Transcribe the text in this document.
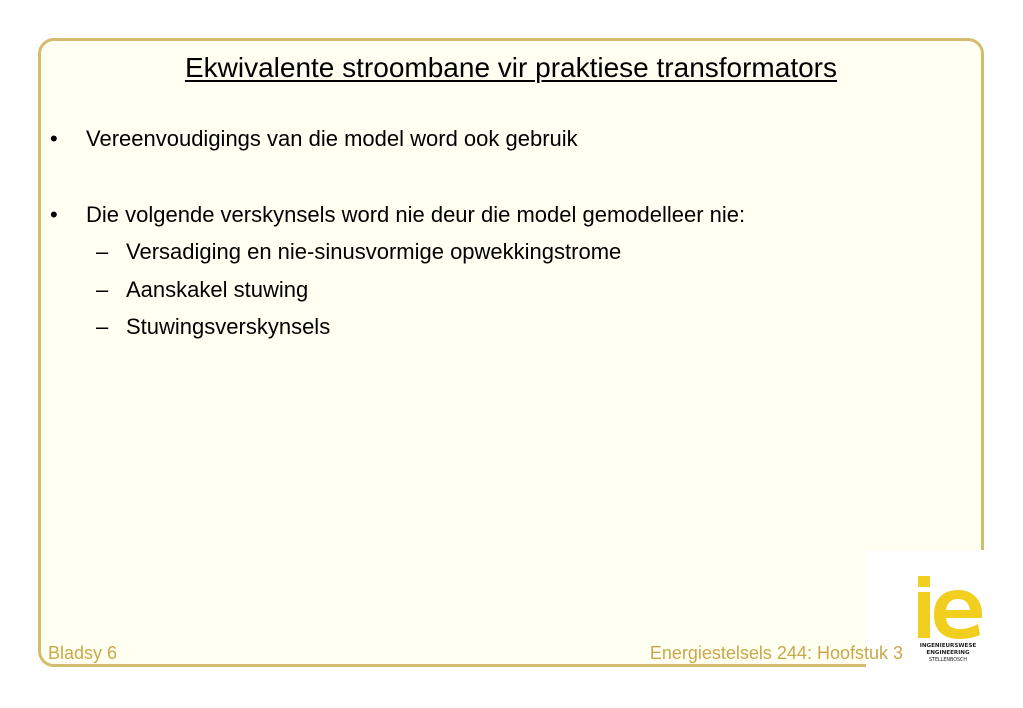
Ekwivalente stroombane vir praktiese transformators
•	Vereenvoudigings van die model word ook gebruik
•	Die volgende verskynsels word nie deur die model gemodelleer nie:
– Versadiging en nie-sinusvormige opwekkingstrome
– Aanskakel stuwing
– Stuwingsverskynsels
Bladsy 6	Energiestelsels 244: Hoofstuk 3	INGENIEURSWESE
ENGINEERING
STELLENBOSCH
